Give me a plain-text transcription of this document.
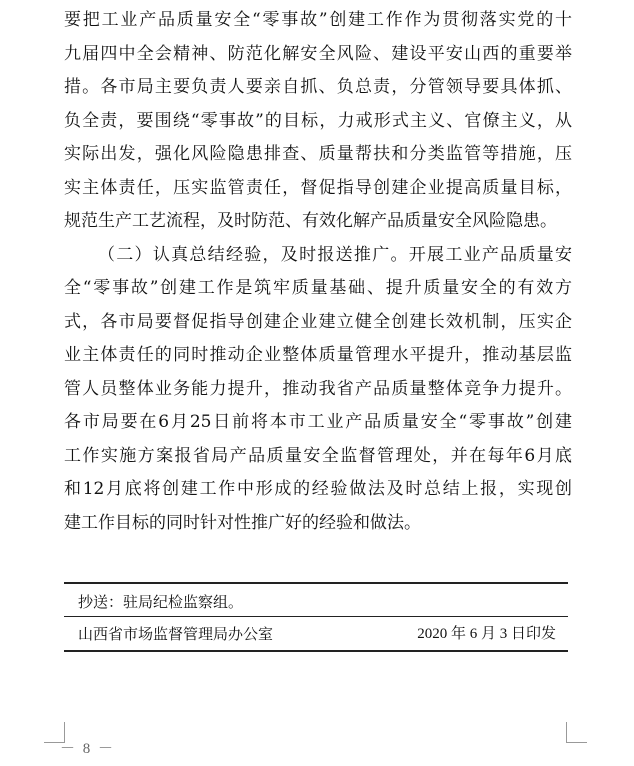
要把工业产品质量安全“零事故”创建工作作为贯彻落实党的十

九届四中全会精神、防范化解安全风险、建设平安山西的重要举

措。各市局主要负责人要亲自抓、负总责，分管领导要具体抓、

负全责，要围绕“零事故”的目标，力戒形式主义、官僚主义，从

实际出发，强化风险隐患排查、质量帮扶和分类监管等措施，压

实主体责任，压实监管责任，督促指导创建企业提高质量目标，

规范生产工艺流程，及时防范、有效化解产品质量安全风险隐患。

（二）认真总结经验，及时报送推广。开展工业产品质量安

全“零事故”创建工作是筑牢质量基础、提升质量安全的有效方

式，各市局要督促指导创建企业建立健全创建长效机制，压实企

业主体责任的同时推动企业整体质量管理水平提升，推动基层监

管人员整体业务能力提升，推动我省产品质量整体竞争力提升。

各市局要在6月25日前将本市工业产品质量安全“零事故”创建

工作实施方案报省局产品质量安全监督管理处，并在每年6月底

和12月底将创建工作中形成的经验做法及时总结上报，实现创

建工作目标的同时针对性推广好的经验和做法。

抄送：驻局纪检监察组。
山西省市场监督管理局办公室	2020 年 6 月 3 日印发
－ 8 －
